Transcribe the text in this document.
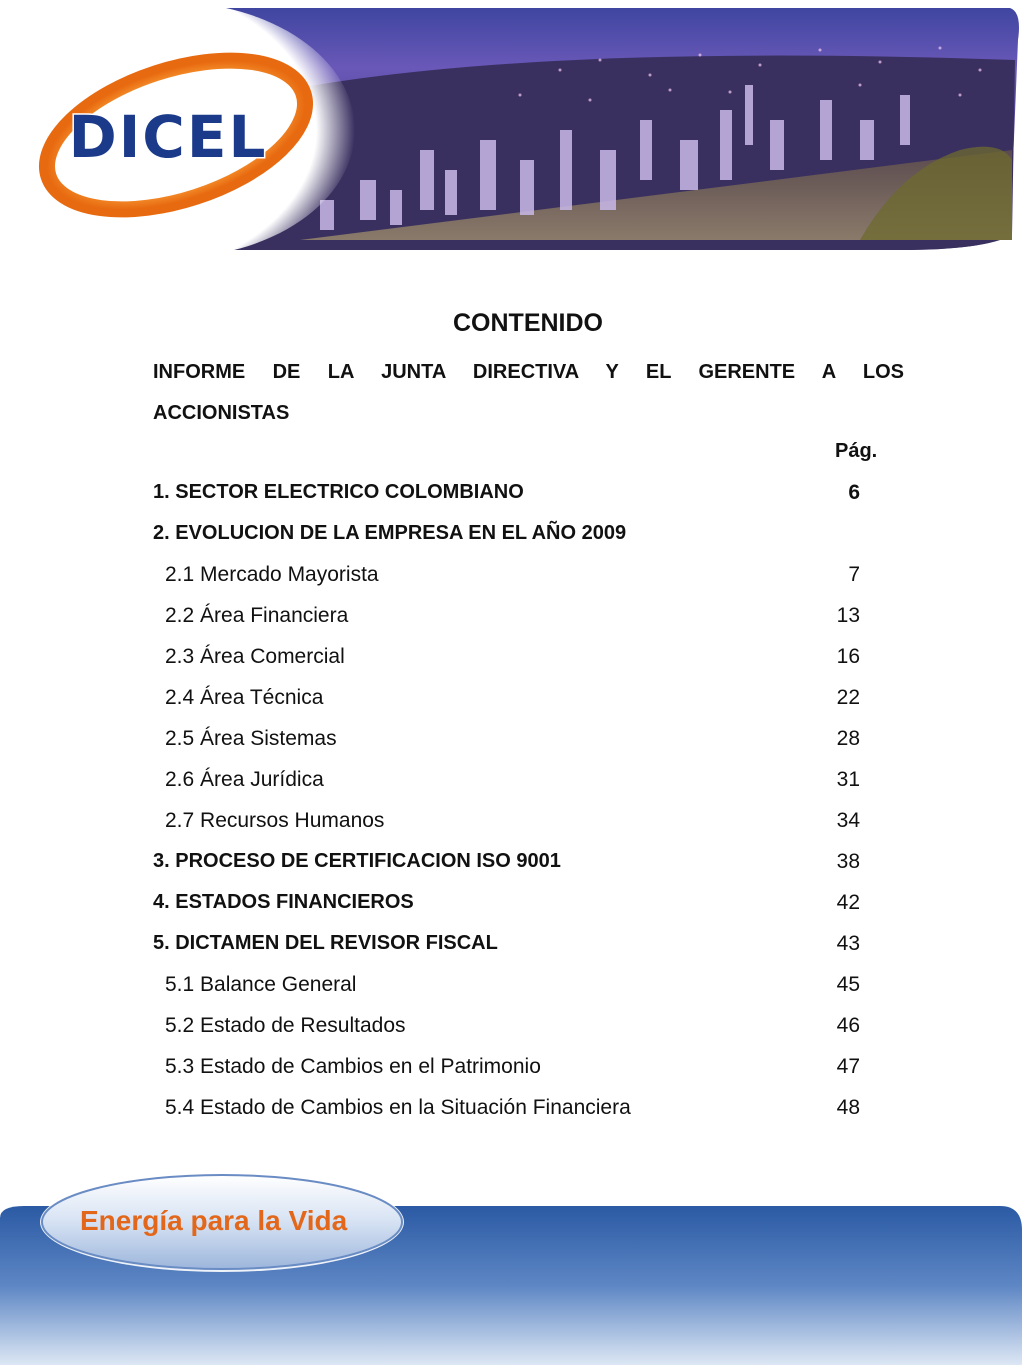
DICEL
CONTENIDO
INFORME DE LA JUNTA DIRECTIVA Y EL GERENTE A LOS
ACCIONISTAS
Pág.
1. SECTOR ELECTRICO COLOMBIANO	6
2. EVOLUCION DE LA EMPRESA EN EL AÑO 2009
2.1 Mercado Mayorista	7
2.2 Área Financiera	13
2.3 Área Comercial	16
2.4 Área Técnica	22
2.5 Área Sistemas	28
2.6 Área Jurídica	31
2.7 Recursos Humanos	34
3. PROCESO DE CERTIFICACION ISO 9001	38
4. ESTADOS FINANCIEROS	42
5. DICTAMEN DEL REVISOR FISCAL	43
5.1 Balance General	45
5.2 Estado de Resultados	46
5.3 Estado de Cambios en el Patrimonio	47
5.4 Estado de Cambios en la Situación Financiera	48
Energía para la Vida
